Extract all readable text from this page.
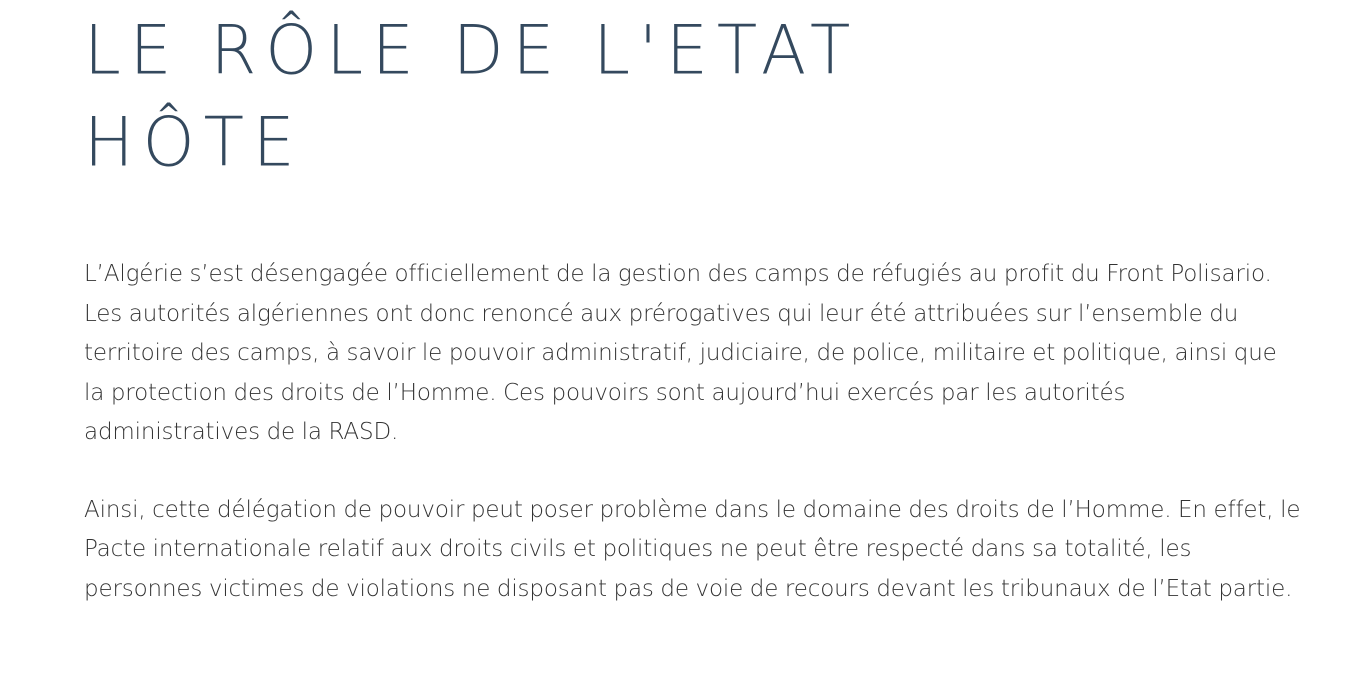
LE RÔLE DE L'ETAT
HÔTE

L’Algérie s’est désengagée officiellement de la gestion des camps de réfugiés au profit du Front Polisario. Les autorités algériennes ont donc renoncé aux prérogatives qui leur été attribuées sur l’ensemble du territoire des camps, à savoir le pouvoir administratif, judiciaire, de police, militaire et politique, ainsi que la protection des droits de l’Homme. Ces pouvoirs sont aujourd’hui exercés par les autorités administratives de la RASD.

Ainsi, cette délégation de pouvoir peut poser problème dans le domaine des droits de l’Homme. En effet, le Pacte internationale relatif aux droits civils et politiques ne peut être respecté dans sa totalité, les personnes victimes de violations ne disposant pas de voie de recours devant les tribunaux de l’Etat partie.
